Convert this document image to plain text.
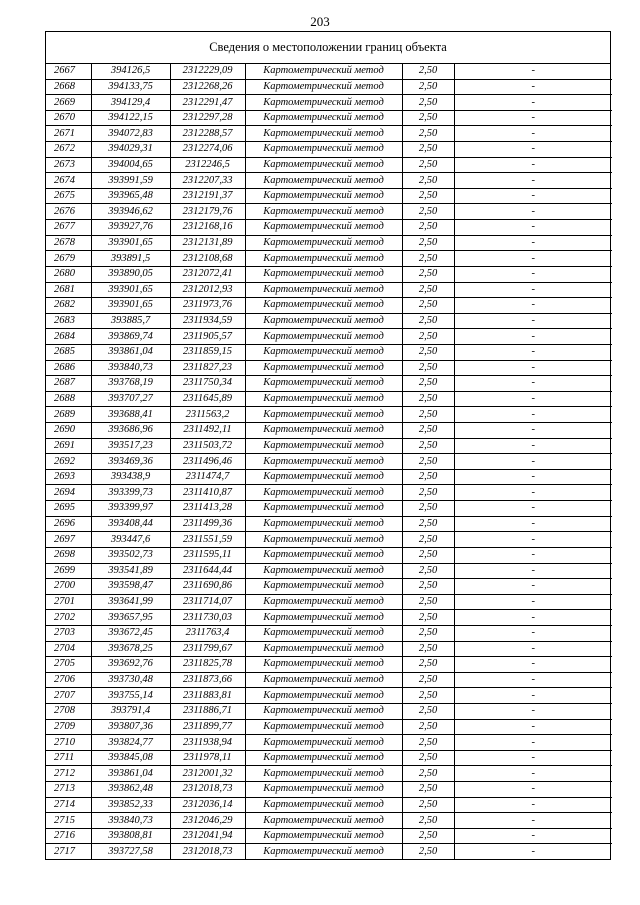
203
Сведения о местоположении границ объекта
2667	394126,5	2312229,09	Картометрический метод	2,50	-
2668	394133,75	2312268,26	Картометрический метод	2,50	-
2669	394129,4	2312291,47	Картометрический метод	2,50	-
2670	394122,15	2312297,28	Картометрический метод	2,50	-
2671	394072,83	2312288,57	Картометрический метод	2,50	-
2672	394029,31	2312274,06	Картометрический метод	2,50	-
2673	394004,65	2312246,5	Картометрический метод	2,50	-
2674	393991,59	2312207,33	Картометрический метод	2,50	-
2675	393965,48	2312191,37	Картометрический метод	2,50	-
2676	393946,62	2312179,76	Картометрический метод	2,50	-
2677	393927,76	2312168,16	Картометрический метод	2,50	-
2678	393901,65	2312131,89	Картометрический метод	2,50	-
2679	393891,5	2312108,68	Картометрический метод	2,50	-
2680	393890,05	2312072,41	Картометрический метод	2,50	-
2681	393901,65	2312012,93	Картометрический метод	2,50	-
2682	393901,65	2311973,76	Картометрический метод	2,50	-
2683	393885,7	2311934,59	Картометрический метод	2,50	-
2684	393869,74	2311905,57	Картометрический метод	2,50	-
2685	393861,04	2311859,15	Картометрический метод	2,50	-
2686	393840,73	2311827,23	Картометрический метод	2,50	-
2687	393768,19	2311750,34	Картометрический метод	2,50	-
2688	393707,27	2311645,89	Картометрический метод	2,50	-
2689	393688,41	2311563,2	Картометрический метод	2,50	-
2690	393686,96	2311492,11	Картометрический метод	2,50	-
2691	393517,23	2311503,72	Картометрический метод	2,50	-
2692	393469,36	2311496,46	Картометрический метод	2,50	-
2693	393438,9	2311474,7	Картометрический метод	2,50	-
2694	393399,73	2311410,87	Картометрический метод	2,50	-
2695	393399,97	2311413,28	Картометрический метод	2,50	-
2696	393408,44	2311499,36	Картометрический метод	2,50	-
2697	393447,6	2311551,59	Картометрический метод	2,50	-
2698	393502,73	2311595,11	Картометрический метод	2,50	-
2699	393541,89	2311644,44	Картометрический метод	2,50	-
2700	393598,47	2311690,86	Картометрический метод	2,50	-
2701	393641,99	2311714,07	Картометрический метод	2,50	-
2702	393657,95	2311730,03	Картометрический метод	2,50	-
2703	393672,45	2311763,4	Картометрический метод	2,50	-
2704	393678,25	2311799,67	Картометрический метод	2,50	-
2705	393692,76	2311825,78	Картометрический метод	2,50	-
2706	393730,48	2311873,66	Картометрический метод	2,50	-
2707	393755,14	2311883,81	Картометрический метод	2,50	-
2708	393791,4	2311886,71	Картометрический метод	2,50	-
2709	393807,36	2311899,77	Картометрический метод	2,50	-
2710	393824,77	2311938,94	Картометрический метод	2,50	-
2711	393845,08	2311978,11	Картометрический метод	2,50	-
2712	393861,04	2312001,32	Картометрический метод	2,50	-
2713	393862,48	2312018,73	Картометрический метод	2,50	-
2714	393852,33	2312036,14	Картометрический метод	2,50	-
2715	393840,73	2312046,29	Картометрический метод	2,50	-
2716	393808,81	2312041,94	Картометрический метод	2,50	-
2717	393727,58	2312018,73	Картометрический метод	2,50	-
